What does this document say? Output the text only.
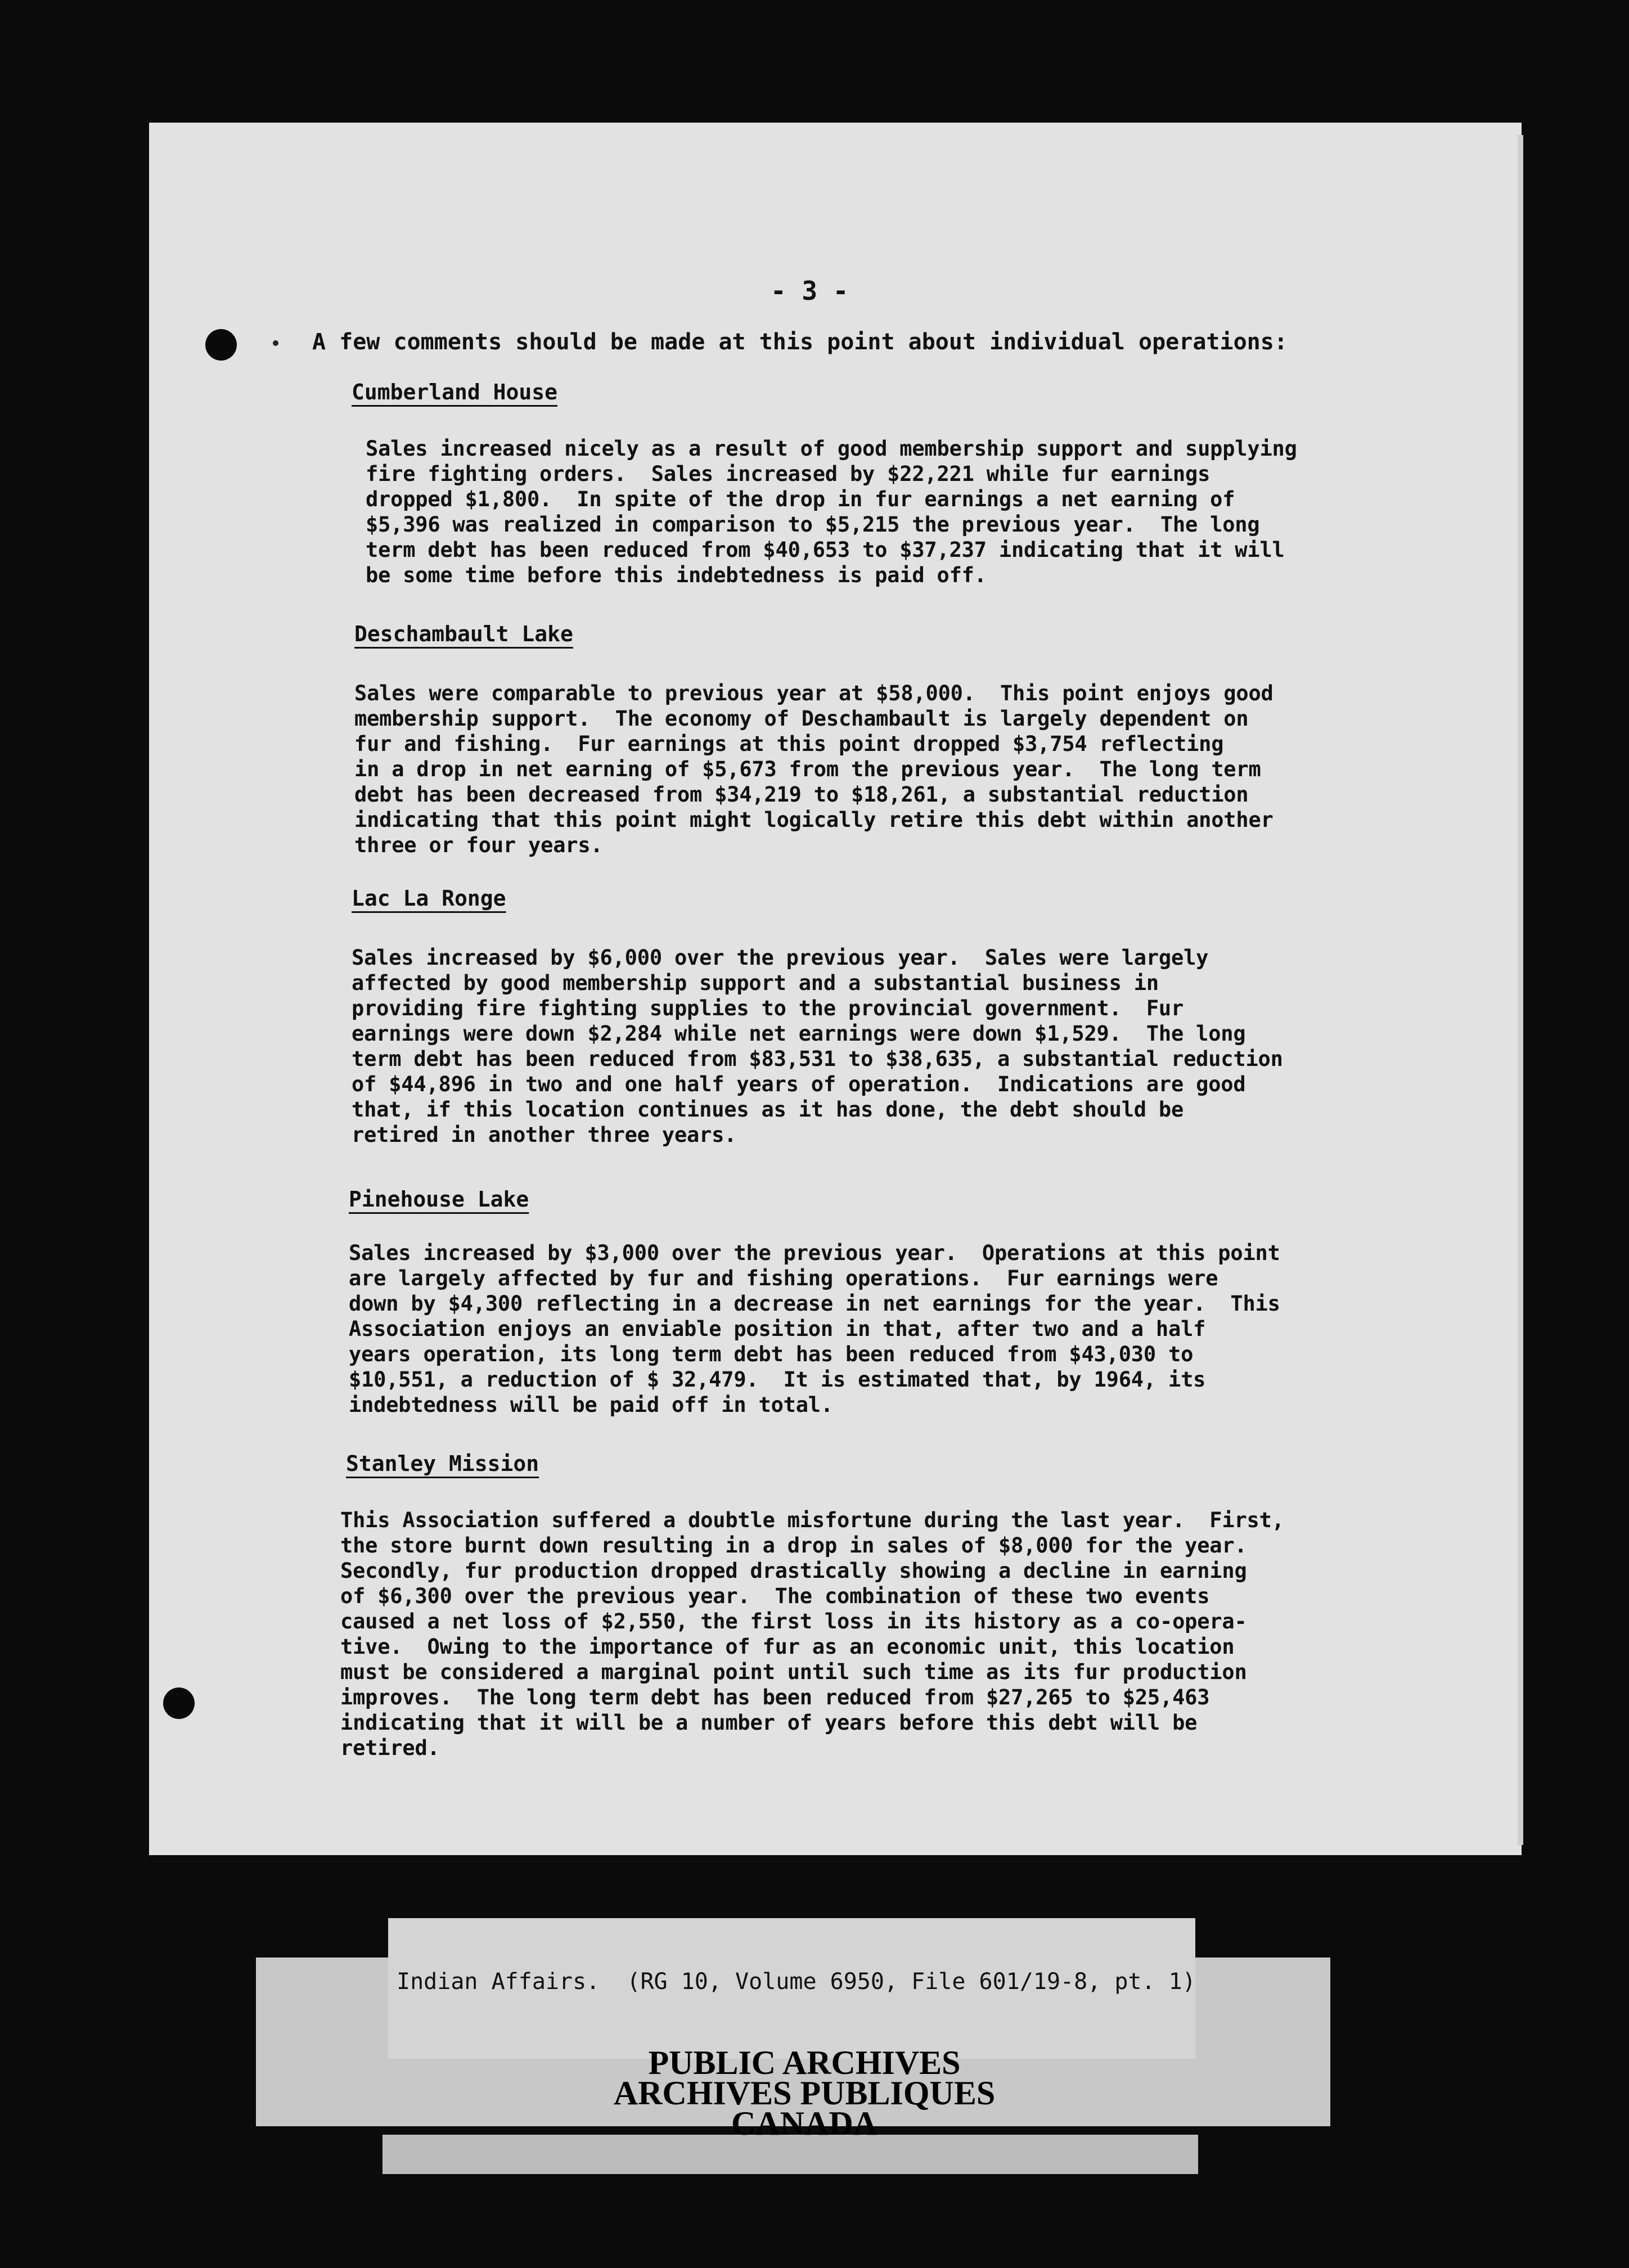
- 3 -
A few comments should be made at this point about individual operations:
Cumberland House
Sales increased nicely as a result of good membership support and supplying
fire fighting orders.  Sales increased by $22,221 while fur earnings
dropped $1,800.  In spite of the drop in fur earnings a net earning of
$5,396 was realized in comparison to $5,215 the previous year.  The long
term debt has been reduced from $40,653 to $37,237 indicating that it will
be some time before this indebtedness is paid off.
Deschambault Lake
Sales were comparable to previous year at $58,000.  This point enjoys good
membership support.  The economy of Deschambault is largely dependent on
fur and fishing.  Fur earnings at this point dropped $3,754 reflecting
in a drop in net earning of $5,673 from the previous year.  The long term
debt has been decreased from $34,219 to $18,261, a substantial reduction
indicating that this point might logically retire this debt within another
three or four years.
Lac La Ronge
Sales increased by $6,000 over the previous year.  Sales were largely
affected by good membership support and a substantial business in
providing fire fighting supplies to the provincial government.  Fur
earnings were down $2,284 while net earnings were down $1,529.  The long
term debt has been reduced from $83,531 to $38,635, a substantial reduction
of $44,896 in two and one half years of operation.  Indications are good
that, if this location continues as it has done, the debt should be
retired in another three years.
Pinehouse Lake
Sales increased by $3,000 over the previous year.  Operations at this point
are largely affected by fur and fishing operations.  Fur earnings were
down by $4,300 reflecting in a decrease in net earnings for the year.  This
Association enjoys an enviable position in that, after two and a half
years operation, its long term debt has been reduced from $43,030 to
$10,551, a reduction of $ 32,479.  It is estimated that, by 1964, its
indebtedness will be paid off in total.
Stanley Mission
This Association suffered a doubtle misfortune during the last year.  First,
the store burnt down resulting in a drop in sales of $8,000 for the year.
Secondly, fur production dropped drastically showing a decline in earning
of $6,300 over the previous year.  The combination of these two events
caused a net loss of $2,550, the first loss in its history as a co-opera-
tive.  Owing to the importance of fur as an economic unit, this location
must be considered a marginal point until such time as its fur production
improves.  The long term debt has been reduced from $27,265 to $25,463
indicating that it will be a number of years before this debt will be
retired.
Indian Affairs.  (RG 10, Volume 6950, File 601/19-8, pt. 1)
PUBLIC ARCHIVES
ARCHIVES PUBLIQUES
CANADA
